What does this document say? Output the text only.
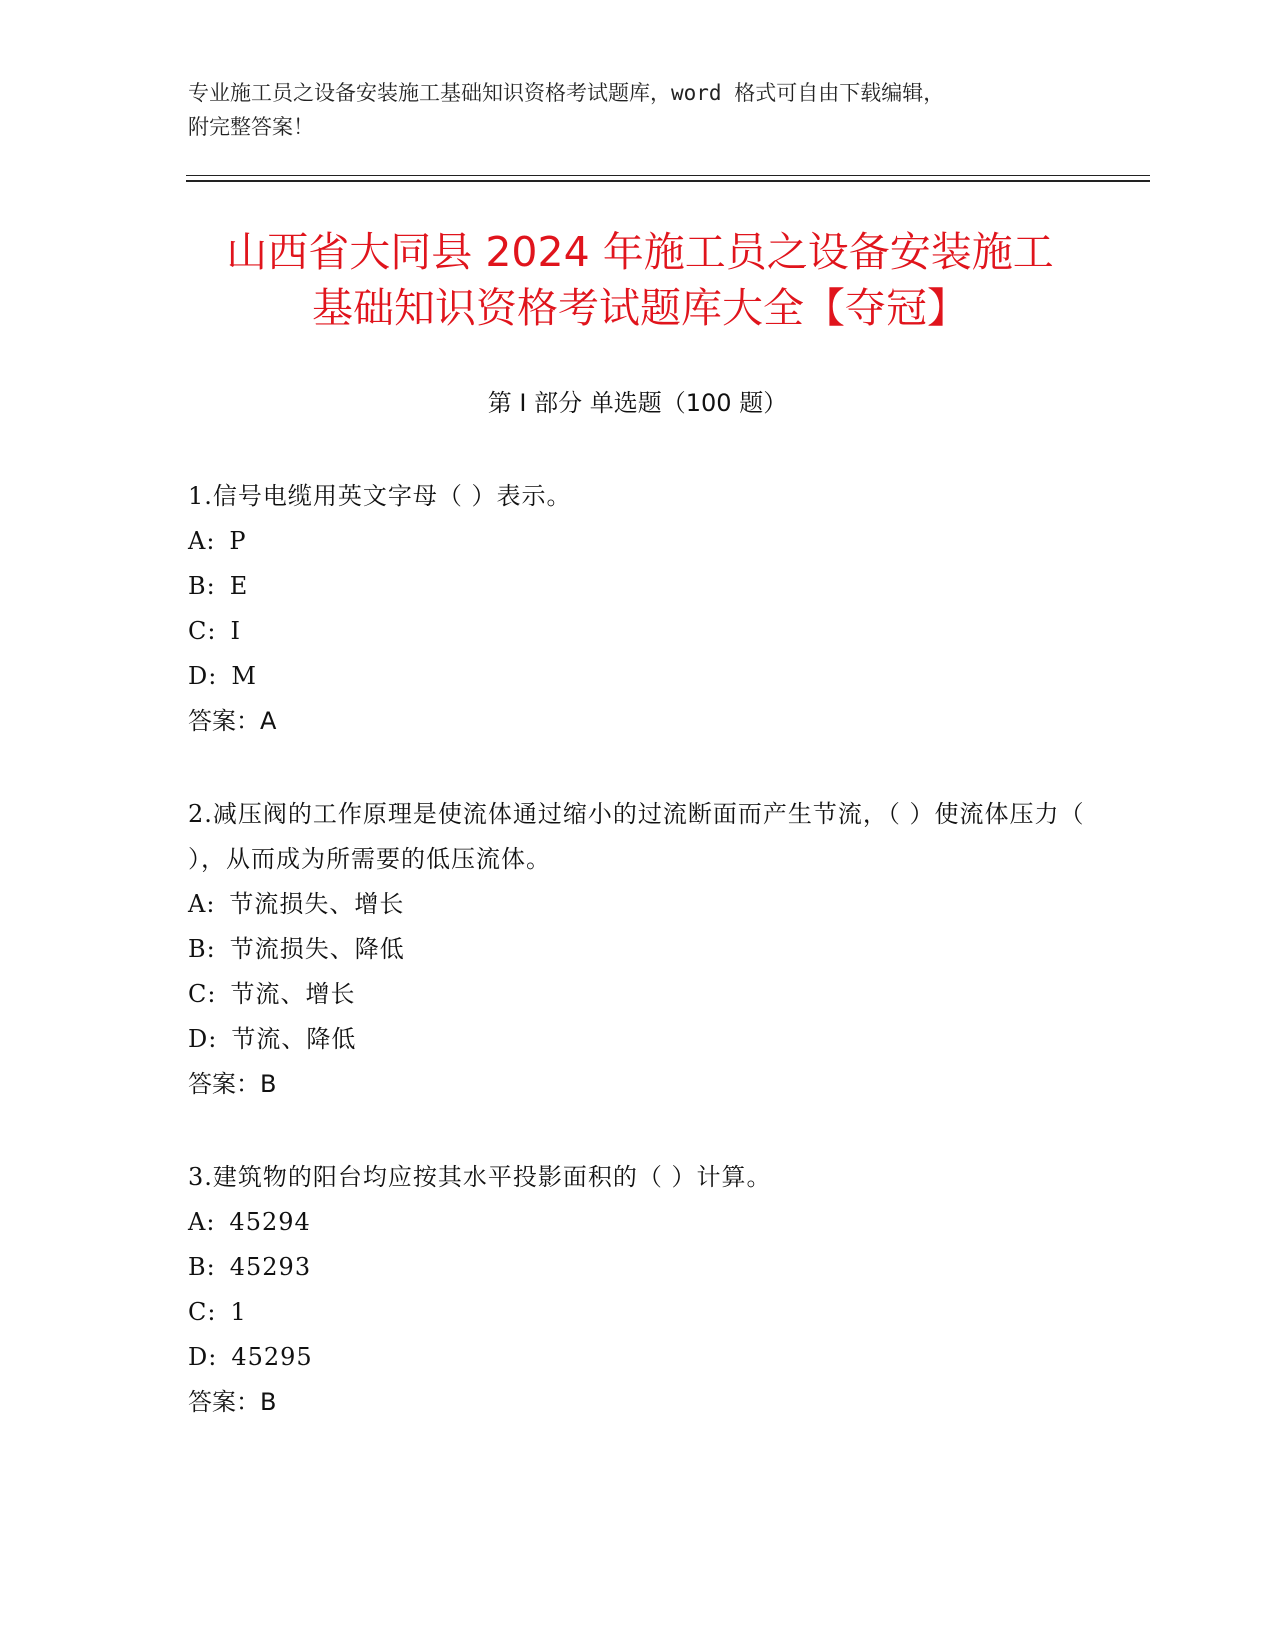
专业施工员之设备安装施工基础知识资格考试题库，word 格式可自由下载编辑，
附完整答案！
山西省大同县 2024 年施工员之设备安装施工
基础知识资格考试题库大全【夺冠】
第 I 部分 单选题（100 题）
1.信号电缆用英文字母（ ）表示。
A: P
B: E
C: I
D: M
答案：A
2.减压阀的工作原理是使流体通过缩小的过流断面而产生节流，（ ）使流体压力（ ），从而成为所需要的低压流体。
A: 节流损失、增长
B: 节流损失、降低
C: 节流、增长
D: 节流、降低
答案：B
3.建筑物的阳台均应按其水平投影面积的（ ）计算。
A: 45294
B: 45293
C: 1
D: 45295
答案：B
